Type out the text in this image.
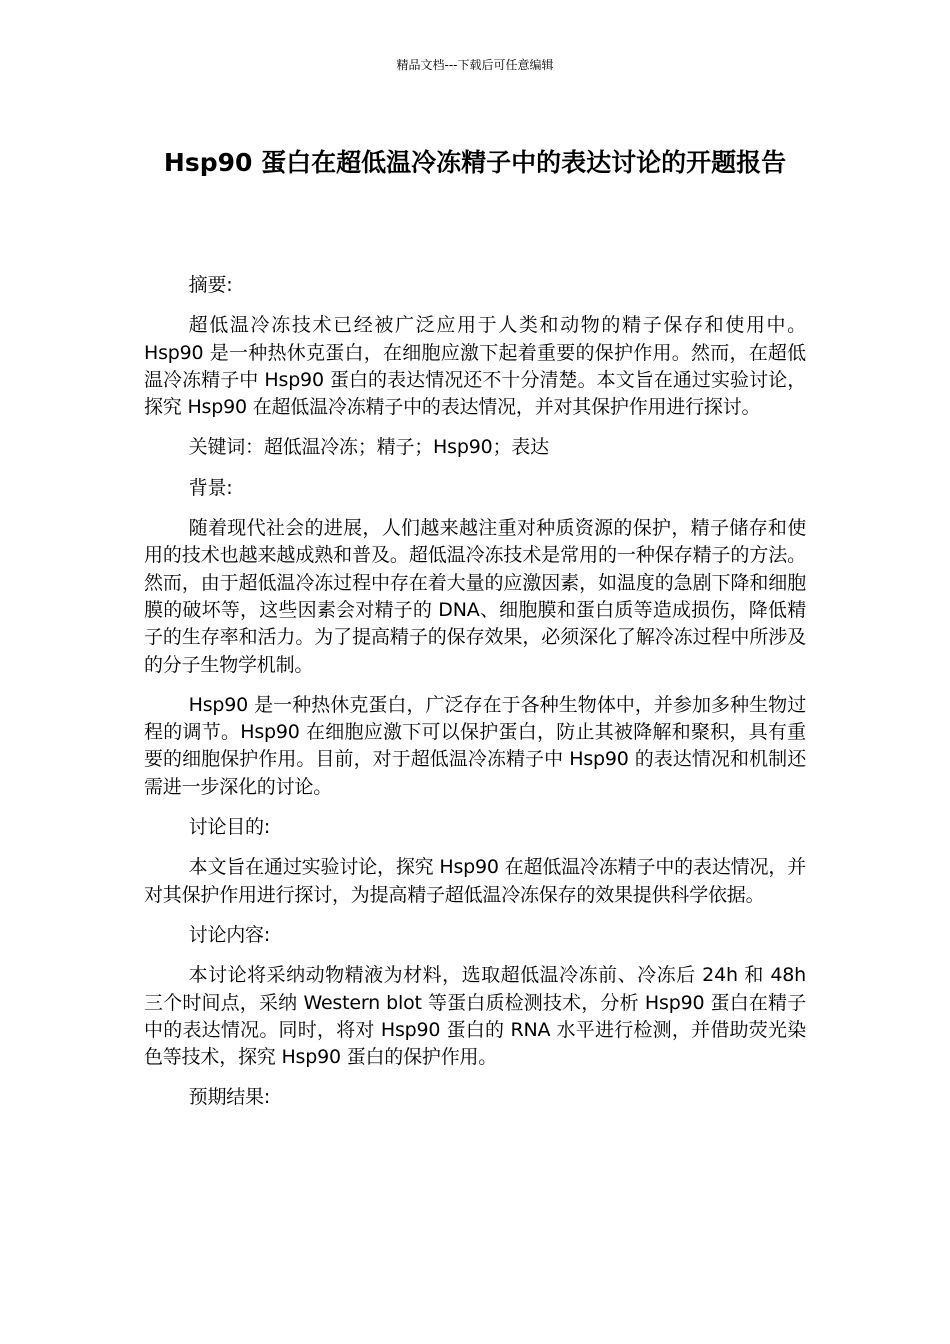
精品文档---下载后可任意编辑
Hsp90 蛋白在超低温冷冻精子中的表达讨论的开题报告

摘要:

超低温冷冻技术已经被广泛应用于人类和动物的精子保存和使用中。Hsp90 是一种热休克蛋白，在细胞应激下起着重要的保护作用。然而，在超低温冷冻精子中 Hsp90 蛋白的表达情况还不十分清楚。本文旨在通过实验讨论，探究 Hsp90 在超低温冷冻精子中的表达情况，并对其保护作用进行探讨。

关键词：超低温冷冻；精子；Hsp90；表达

背景:

随着现代社会的进展，人们越来越注重对种质资源的保护，精子储存和使用的技术也越来越成熟和普及。超低温冷冻技术是常用的一种保存精子的方法。然而，由于超低温冷冻过程中存在着大量的应激因素，如温度的急剧下降和细胞膜的破坏等，这些因素会对精子的 DNA、细胞膜和蛋白质等造成损伤，降低精子的生存率和活力。为了提高精子的保存效果，必须深化了解冷冻过程中所涉及的分子生物学机制。

Hsp90 是一种热休克蛋白，广泛存在于各种生物体中，并参加多种生物过程的调节。Hsp90 在细胞应激下可以保护蛋白，防止其被降解和聚积，具有重要的细胞保护作用。目前，对于超低温冷冻精子中 Hsp90 的表达情况和机制还需进一步深化的讨论。

讨论目的:

本文旨在通过实验讨论，探究 Hsp90 在超低温冷冻精子中的表达情况，并对其保护作用进行探讨，为提高精子超低温冷冻保存的效果提供科学依据。

讨论内容:

本讨论将采纳动物精液为材料，选取超低温冷冻前、冷冻后 24h 和 48h 三个时间点，采纳 Western blot 等蛋白质检测技术，分析 Hsp90 蛋白在精子中的表达情况。同时，将对 Hsp90 蛋白的 RNA 水平进行检测，并借助荧光染色等技术，探究 Hsp90 蛋白的保护作用。

预期结果:
